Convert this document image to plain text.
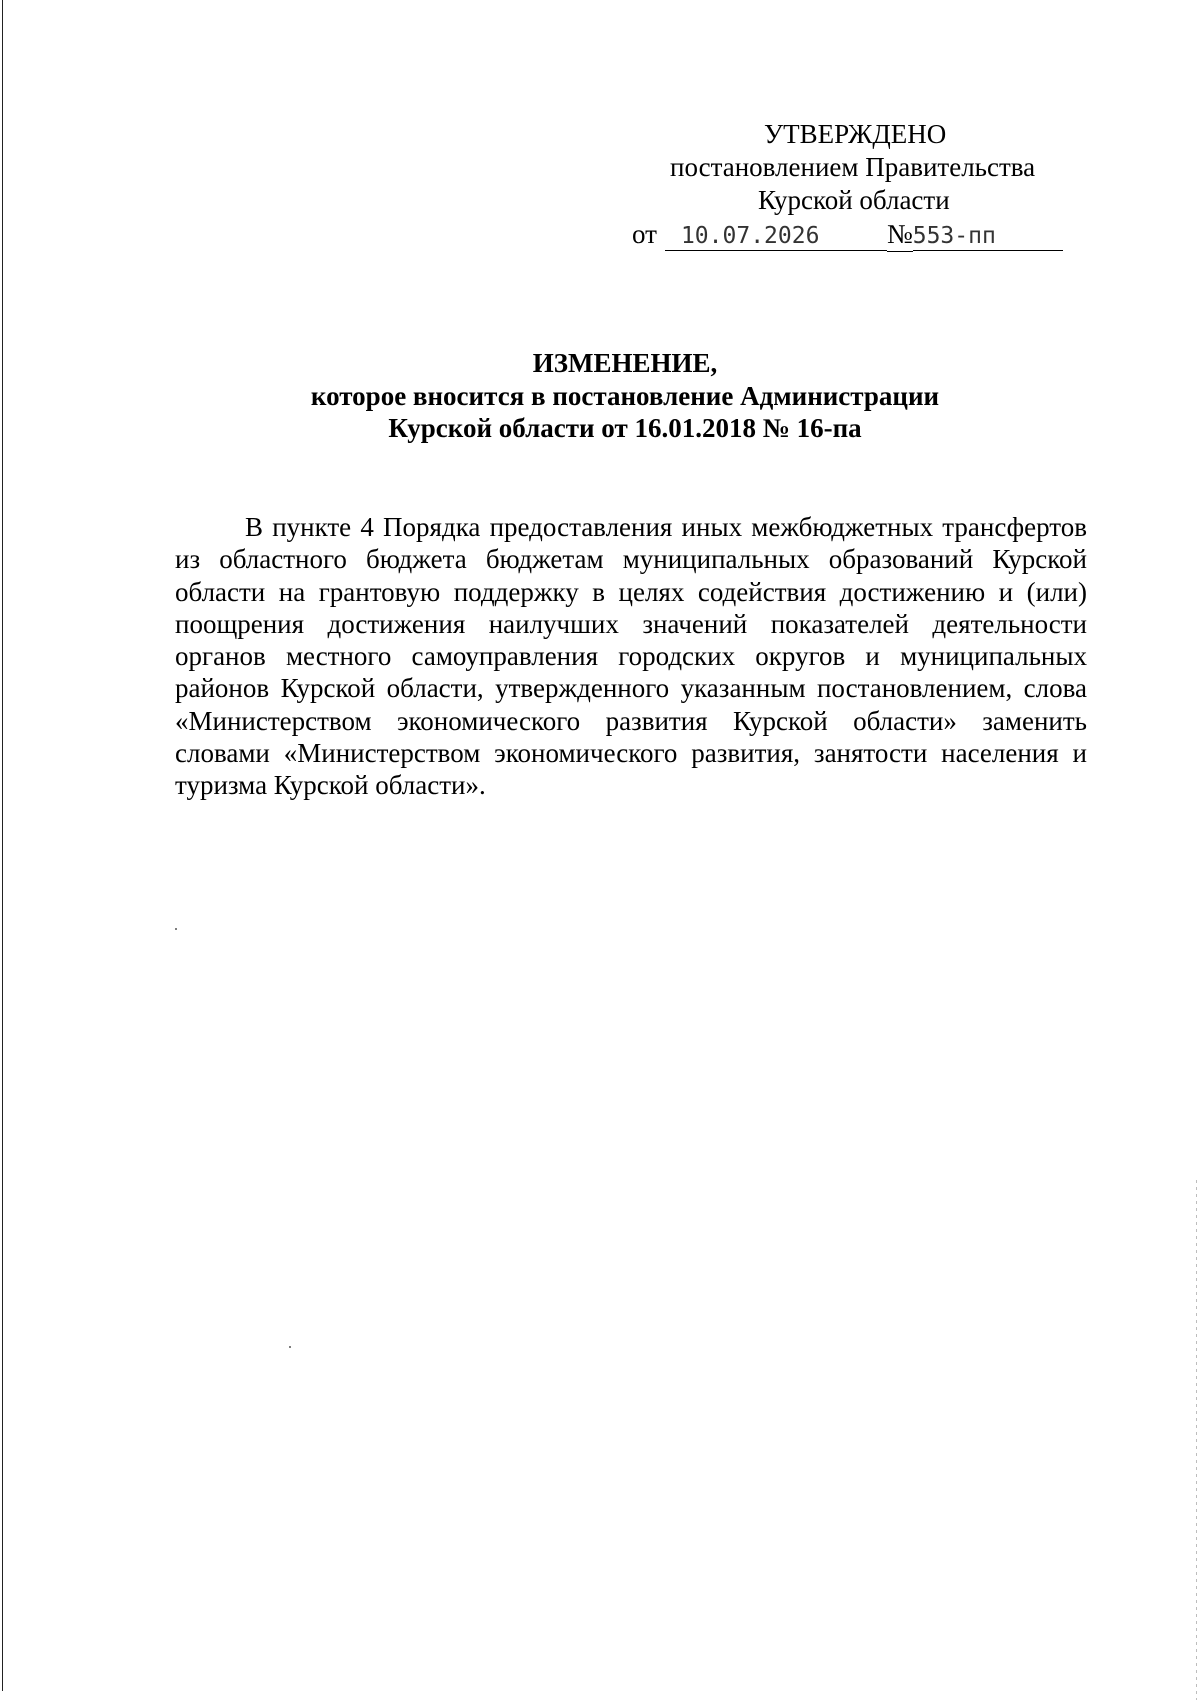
УТВЕРЖДЕНО
постановлением Правительства
Курской области
от 10.07.2026	№553-пп
ИЗМЕНЕНИЕ,
которое вносится в постановление Администрации
Курской области от 16.01.2018 № 16-па

В пункте 4 Порядка предоставления иных межбюджетных трансфертов из областного бюджета бюджетам муниципальных образований Курской области на грантовую поддержку в целях содействия достижению и (или) поощрения достижения наилучших значений показателей деятельности органов местного самоуправления городских округов и муниципальных районов Курской области, утвержденного указанным постановлением, слова «Министерством экономического развития Курской области» заменить словами «Министерством экономического развития, занятости населения и туризма Курской области».
